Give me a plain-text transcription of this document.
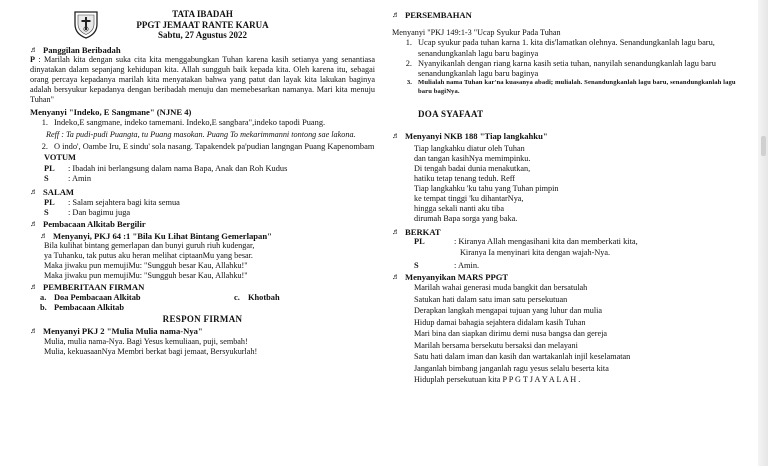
TATA IBADAH
PPGT JEMAAT RANTE KARUA
Sabtu, 27 Agustus 2022
♬ Panggilan Beribadah

P : Marilah kita dengan suka cita kita menggabungkan Tuhan karena kasih setianya yang senantiasa dinyatakan dalam sepanjang kehidupan kita. Allah sungguh baik kepada kita. Oleh karena itu, sebagai orang percaya kepadanya marilah kita menyatakan bahwa yang patut dan layak kita lakukan baginya adalah bersyukur kepadanya dengan beribadah menuju dan memebesarkan namanya. Mari kita menuju Tuhan"

Menyanyi "Indeko, E Sangmane" (NJNE 4)
1. Indeko,E sangmane, indeko tamemani. Indeko,E sangbara",indeko tapodi Puang.

Reff : Ta pudi-pudi Puangta, tu Puang masokan. Puang To mekarimmanni tontong sae lakona.

2. O indo', Oambe Iru, E sindu' sola nasang. Tapakendek pa'pudian langngan Puang Kapenombam
VOTUM
PL	: Ibadah ini berlangsung dalam nama Bapa, Anak dan Roh Kudus
S	: Amin
♬ SALAM
PL	: Salam sejahtera bagi kita semua
S	: Dan bagimu juga
♬ Pembacaan Alkitab Bergilir
♬ Menyanyi, PKJ 64 :1 "Bila Ku Lihat Bintang Gemerlapan"
Bila kulihat bintang gemerlapan dan bunyi guruh riuh kudengar,
ya Tuhanku, tak putus aku heran melihat ciptaanMu yang besar.
Maka jiwaku pun memujiMu: "Sungguh besar Kau, Allahku!"
Maka jiwaku pun memujiMu: "Sungguh besar Kau, Allahku!"
♬ PEMBERITAAN FIRMAN
a. Doa Pembacaan Alkitab	c. Khotbah
b. Pembacaan Alkitab
RESPON FIRMAN
♬ Menyanyi PKJ 2 "Mulia Mulia nama-Nya"
Mulia, mulia nama-Nya. Bagi Yesus kemuliaan, puji, sembah!
Mulia, kekuasaanNya Membri berkat bagi jemaat, Bersyukurlah!
♬ PERSEMBAHAN
Menyanyi "PKJ 149:1-3 "Ucap Syukur Pada Tuhan
1. Ucap syukur pada tuhan karna 1. kita dis'lamatkan olehnya. Senandungkanlah lagu baru, senandungkanlah lagu baru baginya
2. Nyanyikanlah dengan riang karna kasih setia tuhan, nanyilah senandungkanlah lagu baru senandungkanlah lagu baru baginya
3. Mulialah nama Tuhan kar'na kuasanya abadi; mulialah. Senandungkanlah lagu baru, senandungkanlah lagu baru bagiNya.
DOA SYAFAAT
♬ Menyanyi NKB 188 "Tiap langkahku"
Tiap langkahku diatur oleh Tuhan
dan tangan kasihNya memimpinku.
Di tengah badai dunia menakutkan,
hatiku tetap tenang teduh. Reff
Tiap langkahku 'ku tahu yang Tuhan pimpin
ke tempat tinggi 'ku dihantarNya,
hingga sekali nanti aku tiba
dirumah Bapa sorga yang baka.
♬ BERKAT
PL	: Kiranya Allah mengasihani kita dan memberkati kita,
Kiranya Ia menyinari kita dengan wajah-Nya.
S	: Amin.
♬ Menyanyikan MARS PPGT
Marilah wahai generasi muda bangkit dan bersatulah
Satukan hati dalam satu iman satu persekutuan
Derapkan langkah mengapai tujuan yang luhur dan mulia
Hidup damai bahagia sejahtera didalam kasih Tuhan
Mari bina dan siapkan dirimu demi nusa bangsa dan gereja
Marilah bersama bersekutu bersaksi dan melayani
Satu hati dalam iman dan kasih dan wartakanlah injil keselamatan
Janganlah bimbang janganlah ragu yesus selalu beserta kita
Hiduplah persekutuan kita P P G T J A Y A L A H .
